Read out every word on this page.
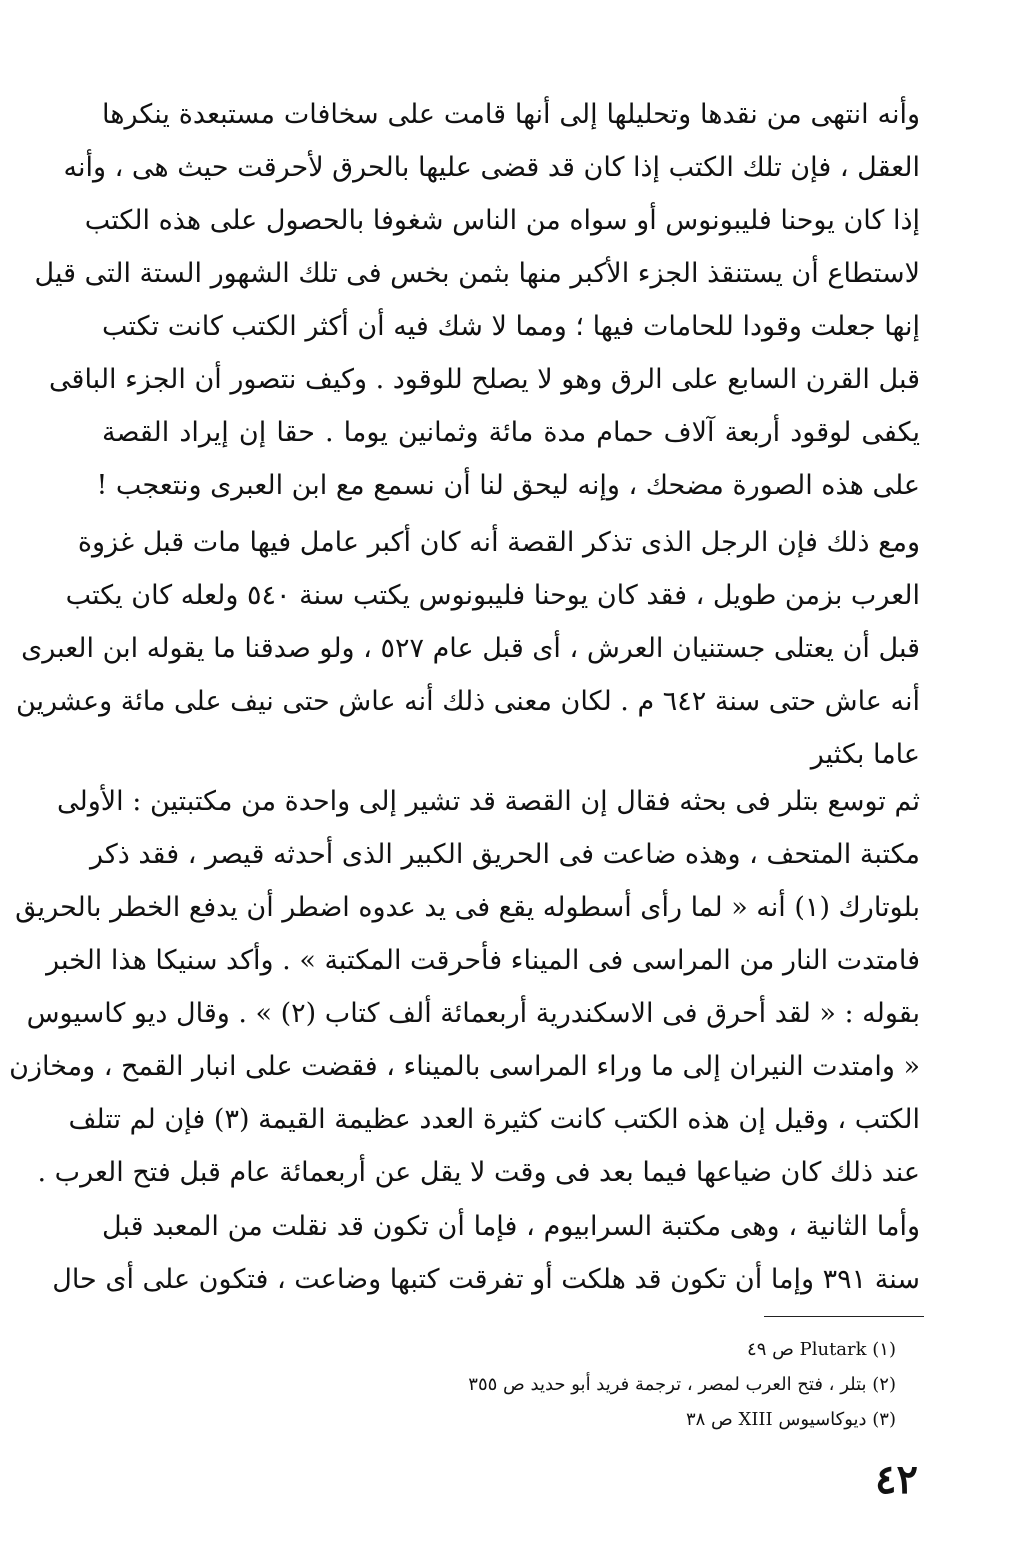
وأنه انتهى من نقدها وتحليلها إلى أنها قامت على سخافات مستبعدة ينكرها
العقل ، فإن تلك الكتب إذا كان قد قضى عليها بالحرق لأحرقت حيث هى ، وأنه
إذا كان يوحنا فليبونوس أو سواه من الناس شغوفا بالحصول على هذه الكتب
لاستطاع أن يستنقذ الجزء الأكبر منها بثمن بخس فى تلك الشهور الستة التى قيل
إنها جعلت وقودا للحامات فيها ؛ ومما لا شك فيه أن أكثر الكتب كانت تكتب
قبل القرن السابع على الرق وهو لا يصلح للوقود . وكيف نتصور أن الجزء الباقى
يكفى لوقود أربعة آلاف حمام مدة مائة وثمانين يوما . حقا إن إيراد القصة
على هذه الصورة مضحك ، وإنه ليحق لنا أن نسمع مع ابن العبرى ونتعجب !
ومع ذلك فإن الرجل الذى تذكر القصة أنه كان أكبر عامل فيها مات قبل غزوة
العرب بزمن طويل ، فقد كان يوحنا فليبونوس يكتب سنة ٥٤٠ ولعله كان يكتب
قبل أن يعتلى جستنيان العرش ، أى قبل عام ٥٢٧ ، ولو صدقنا ما يقوله ابن العبرى
أنه عاش حتى سنة ٦٤٢ م . لكان معنى ذلك أنه عاش حتى نيف على مائة وعشرين
عاما بكثير
ثم توسع بتلر فى بحثه فقال إن القصة قد تشير إلى واحدة من مكتبتين : الأولى
مكتبة المتحف ، وهذه ضاعت فى الحريق الكبير الذى أحدثه قيصر ، فقد ذكر
بلوتارك (١) أنه « لما رأى أسطوله يقع فى يد عدوه اضطر أن يدفع الخطر بالحريق
فامتدت النار من المراسى فى الميناء فأحرقت المكتبة » . وأكد سنيكا هذا الخبر
بقوله : « لقد أحرق فى الاسكندرية أربعمائة ألف كتاب (٢) » . وقال ديو كاسيوس
« وامتدت النيران إلى ما وراء المراسى بالميناء ، فقضت على انبار القمح ، ومخازن
الكتب ، وقيل إن هذه الكتب كانت كثيرة العدد عظيمة القيمة (٣) فإن لم تتلف
عند ذلك كان ضياعها فيما بعد فى وقت لا يقل عن أربعمائة عام قبل فتح العرب .
وأما الثانية ، وهى مكتبة السرابيوم ، فإما أن تكون قد نقلت من المعبد قبل
سنة ٣٩١ وإما أن تكون قد هلكت أو تفرقت كتبها وضاعت ، فتكون على أى حال
(١) Plutark ص ٤٩
(٢) بتلر ، فتح العرب لمصر ، ترجمة فريد أبو حديد ص ٣٥٥
(٣) ديوكاسيوس XIII ص ٣٨
٤٢
